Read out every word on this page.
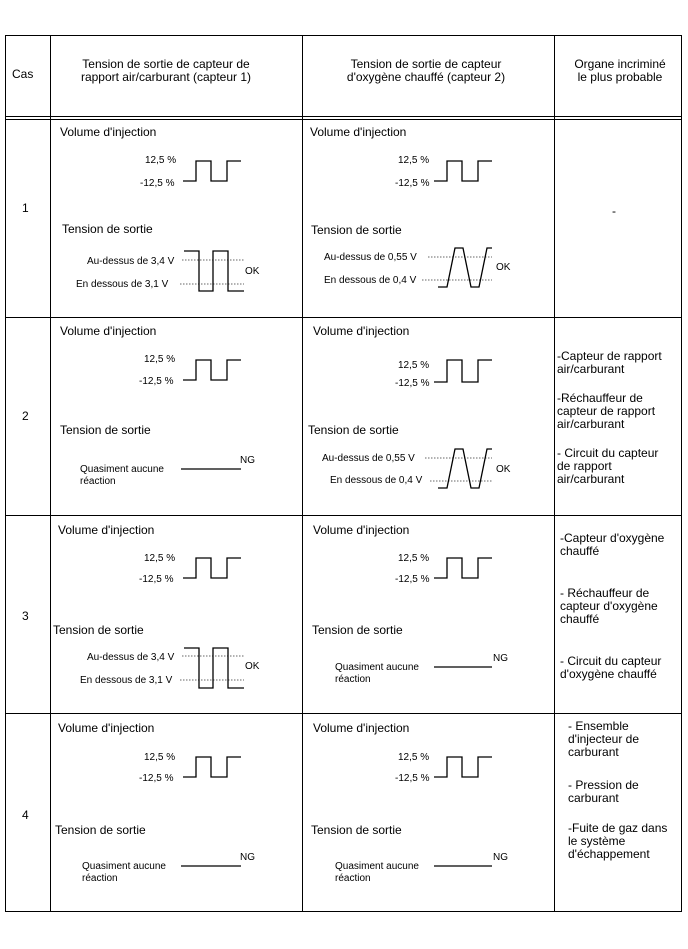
Cas
Tension de sortie de capteur de rapport air/carburant (capteur 1)
Tension de sortie de capteur d'oxygène chauffé (capteur 2)
Organe incriminé le plus probable
1
2
3
4
Volume d'injection
12,5 %
-12,5 %
Tension de sortie
Au-dessus de 3,4 V
En dessous de 3,1 V
OK
Volume d'injection
12,5 %
-12,5 %
Tension de sortie
Au-dessus de 0,55 V
En dessous de 0,4 V
OK
-
Volume d'injection
12,5 %
-12,5 %
Tension de sortie
Quasiment aucune
réaction
NG
Volume d'injection
12,5 %
-12,5 %
Tension de sortie
Au-dessus de 0,55 V
En dessous de 0,4 V
OK
-Capteur de rapport air/carburant
-Réchauffeur de capteur de rapport air/carburant
- Circuit du capteur de rapport air/carburant
Volume d'injection
12,5 %
-12,5 %
Tension de sortie
Au-dessus de 3,4 V
En dessous de 3,1 V
OK
Volume d'injection
12,5 %
-12,5 %
Tension de sortie
Quasiment aucune
réaction
NG
-Capteur d'oxygène chauffé
- Réchauffeur de capteur d'oxygène chauffé
- Circuit du capteur d'oxygène chauffé
Volume d'injection
12,5 %
-12,5 %
Tension de sortie
Quasiment aucune
réaction
NG
Volume d'injection
12,5 %
-12,5 %
Tension de sortie
Quasiment aucune
réaction
NG
- Ensemble d'injecteur de carburant
- Pression de carburant
-Fuite de gaz dans le système d'échappement
